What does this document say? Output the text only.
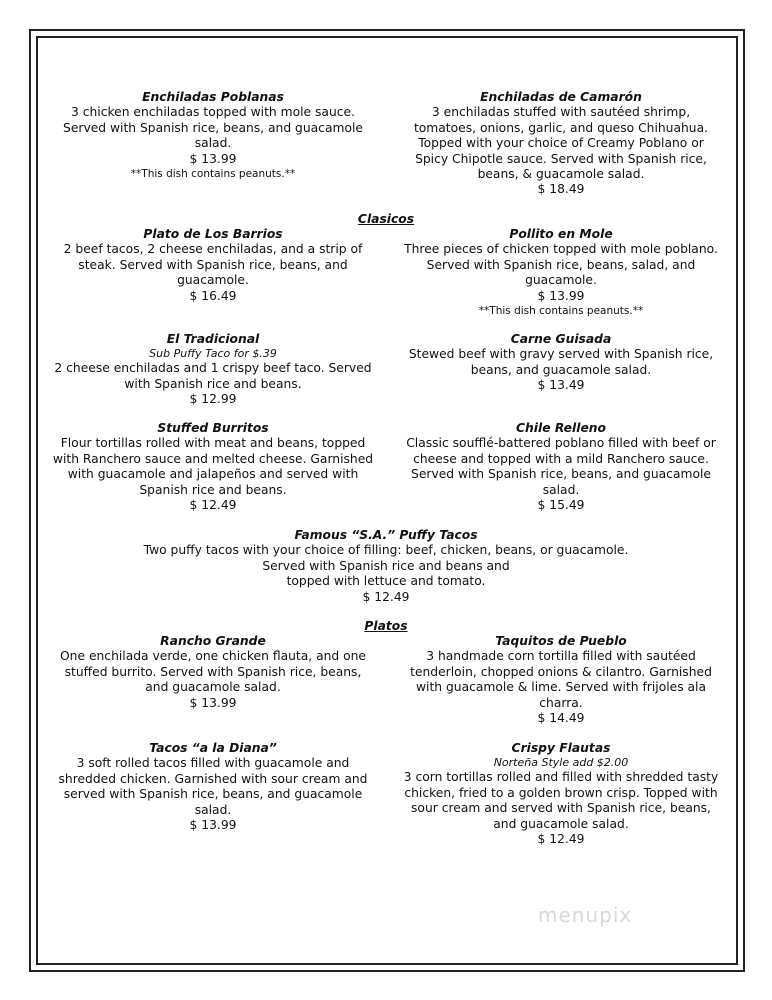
Enchiladas Poblanas
3 chicken enchiladas topped with mole sauce.
Served with Spanish rice, beans, and guacamole
salad.
$ 13.99
**This dish contains peanuts.**
Enchiladas de Camarón
3 enchiladas stuffed with sautéed shrimp,
tomatoes, onions, garlic, and queso Chihuahua.
Topped with your choice of Creamy Poblano or
Spicy Chipotle sauce. Served with Spanish rice,
beans, & guacamole salad.
$ 18.49
Clasicos
Plato de Los Barrios
2 beef tacos, 2 cheese enchiladas, and a strip of
steak. Served with Spanish rice, beans, and
guacamole.
$ 16.49
Pollito en Mole
Three pieces of chicken topped with mole poblano.
Served with Spanish rice, beans, salad, and
guacamole.
$ 13.99
**This dish contains peanuts.**
El Tradicional
Sub Puffy Taco for $.39
2 cheese enchiladas and 1 crispy beef taco. Served
with Spanish rice and beans.
$ 12.99
Carne Guisada
Stewed beef with gravy served with Spanish rice,
beans, and guacamole salad.
$ 13.49
Stuffed Burritos
Flour tortillas rolled with meat and beans, topped
with Ranchero sauce and melted cheese. Garnished
with guacamole and jalapeños and served with
Spanish rice and beans.
$ 12.49
Chile Relleno
Classic soufflé-battered poblano filled with beef or
cheese and topped with a mild Ranchero sauce.
Served with Spanish rice, beans, and guacamole
salad.
$ 15.49
Famous “S.A.” Puffy Tacos
Two puffy tacos with your choice of filling: beef, chicken, beans, or guacamole.
Served with Spanish rice and beans and
topped with lettuce and tomato.
$ 12.49
Platos
Rancho Grande
One enchilada verde, one chicken flauta, and one
stuffed burrito. Served with Spanish rice, beans,
and guacamole salad.
$ 13.99
Taquitos de Pueblo
3 handmade corn tortilla filled with sautéed
tenderloin, chopped onions & cilantro. Garnished
with guacamole & lime. Served with frijoles ala
charra.
$ 14.49
Tacos “a la Diana”
3 soft rolled tacos filled with guacamole and
shredded chicken. Garnished with sour cream and
served with Spanish rice, beans, and guacamole
salad.
$ 13.99
Crispy Flautas
Norteña Style add $2.00
3 corn tortillas rolled and filled with shredded tasty
chicken, fried to a golden brown crisp. Topped with
sour cream and served with Spanish rice, beans,
and guacamole salad.
$ 12.49
menupix
